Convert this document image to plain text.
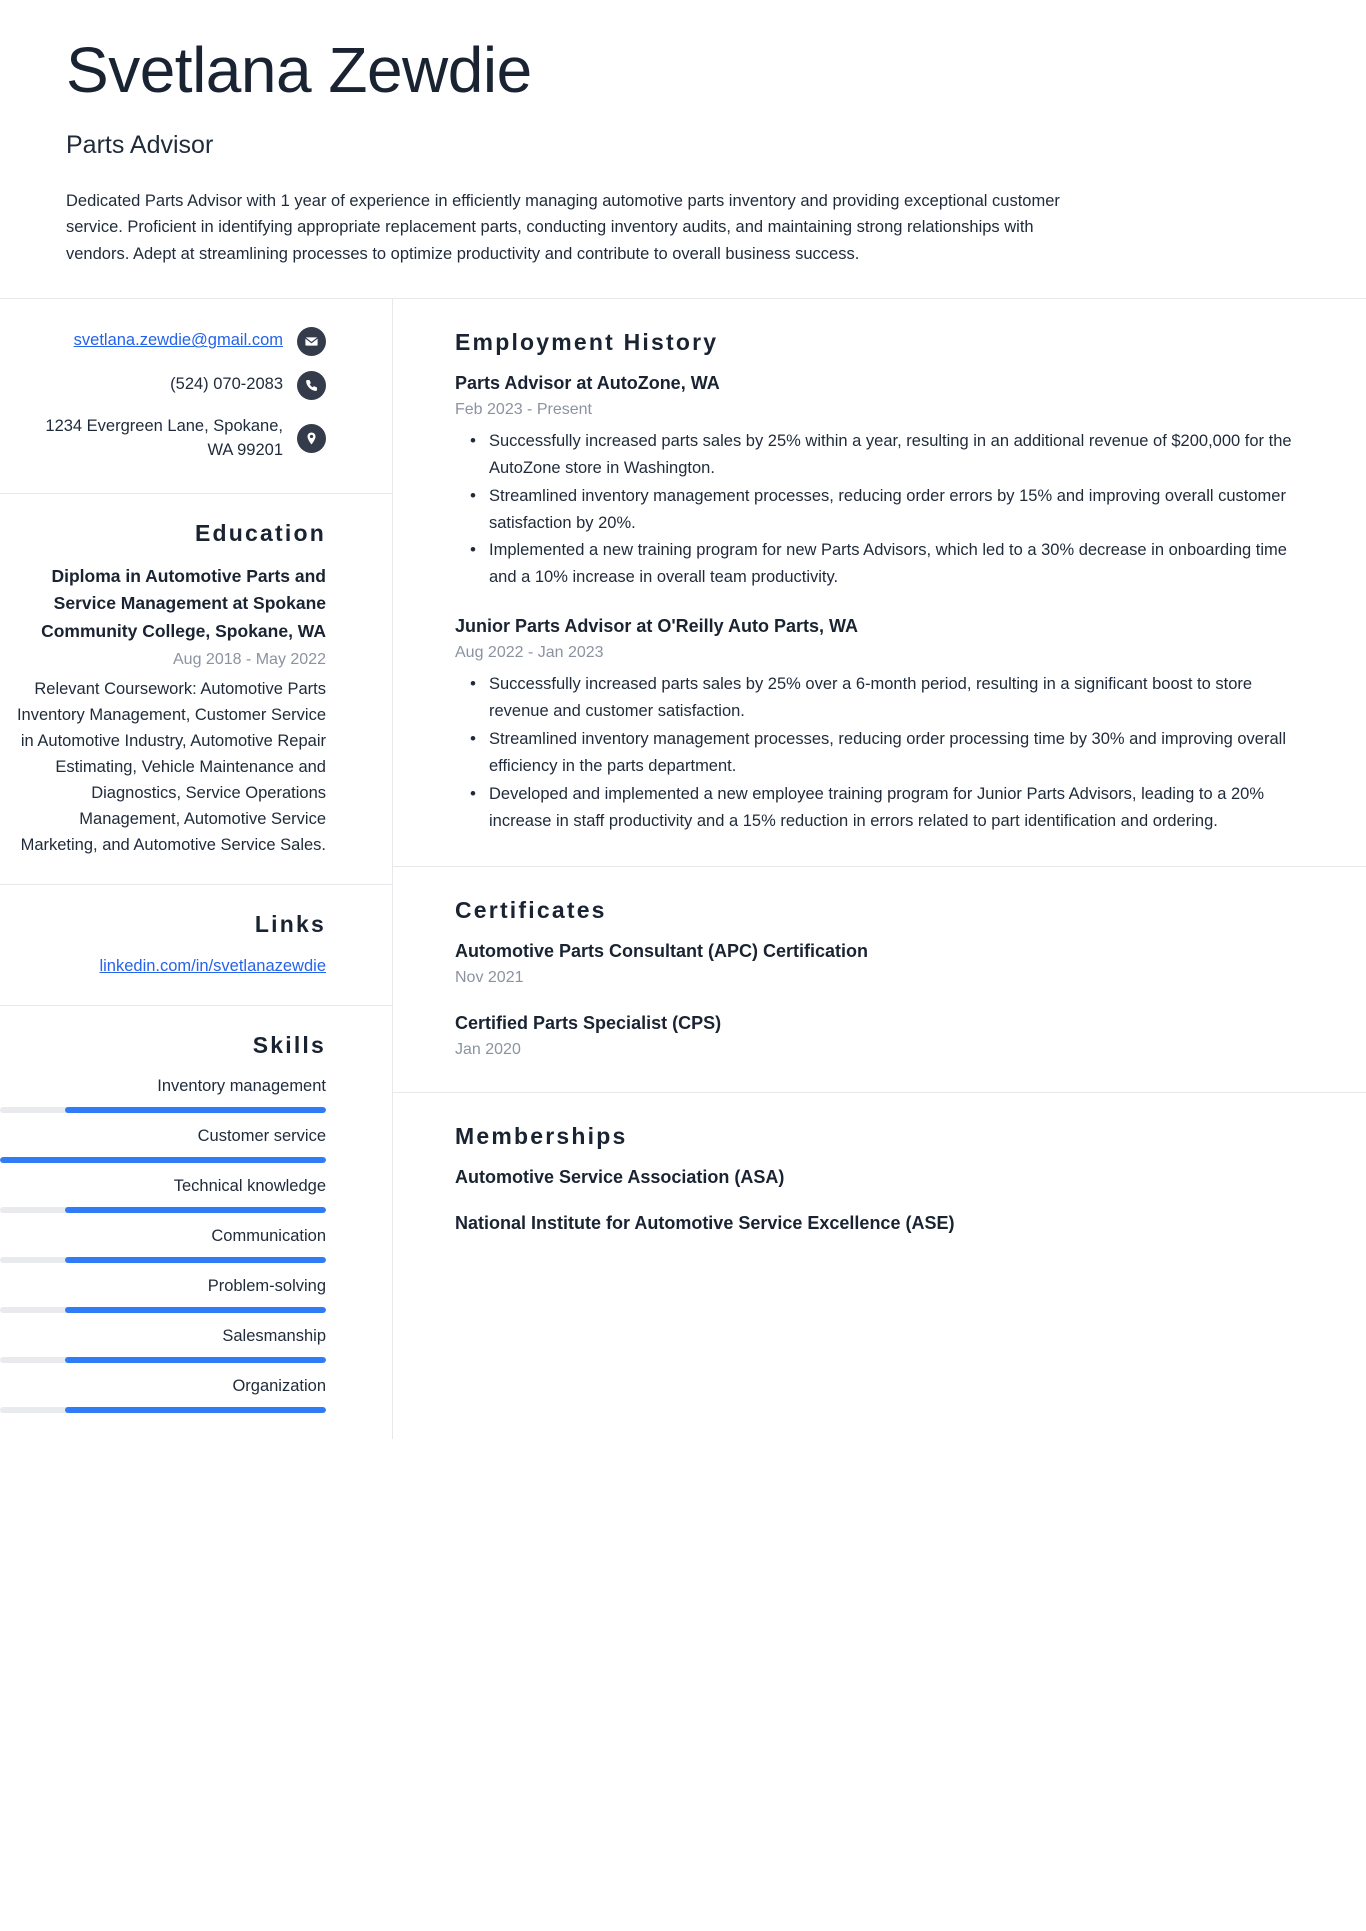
Svetlana Zewdie
Parts Advisor
Dedicated Parts Advisor with 1 year of experience in efficiently managing automotive parts inventory and providing exceptional customer service. Proficient in identifying appropriate replacement parts, conducting inventory audits, and maintaining strong relationships with vendors. Adept at streamlining processes to optimize productivity and contribute to overall business success.
svetlana.zewdie@gmail.com
(524) 070-2083
1234 Evergreen Lane, Spokane, WA 99201
Education
Diploma in Automotive Parts and Service Management at Spokane Community College, Spokane, WA
Aug 2018 - May 2022
Relevant Coursework: Automotive Parts Inventory Management, Customer Service in Automotive Industry, Automotive Repair Estimating, Vehicle Maintenance and Diagnostics, Service Operations Management, Automotive Service Marketing, and Automotive Service Sales.
Links
linkedin.com/in/svetlanazewdie
Skills
Inventory management
Customer service
Technical knowledge
Communication
Problem-solving
Salesmanship
Organization
Employment History
Parts Advisor at AutoZone, WA
Feb 2023 - Present
• Successfully increased parts sales by 25% within a year, resulting in an additional revenue of $200,000 for the AutoZone store in Washington.
• Streamlined inventory management processes, reducing order errors by 15% and improving overall customer satisfaction by 20%.
• Implemented a new training program for new Parts Advisors, which led to a 30% decrease in onboarding time and a 10% increase in overall team productivity.
Junior Parts Advisor at O'Reilly Auto Parts, WA
Aug 2022 - Jan 2023
• Successfully increased parts sales by 25% over a 6-month period, resulting in a significant boost to store revenue and customer satisfaction.
• Streamlined inventory management processes, reducing order processing time by 30% and improving overall efficiency in the parts department.
• Developed and implemented a new employee training program for Junior Parts Advisors, leading to a 20% increase in staff productivity and a 15% reduction in errors related to part identification and ordering.
Certificates
Automotive Parts Consultant (APC) Certification
Nov 2021
Certified Parts Specialist (CPS)
Jan 2020
Memberships
Automotive Service Association (ASA)
National Institute for Automotive Service Excellence (ASE)
